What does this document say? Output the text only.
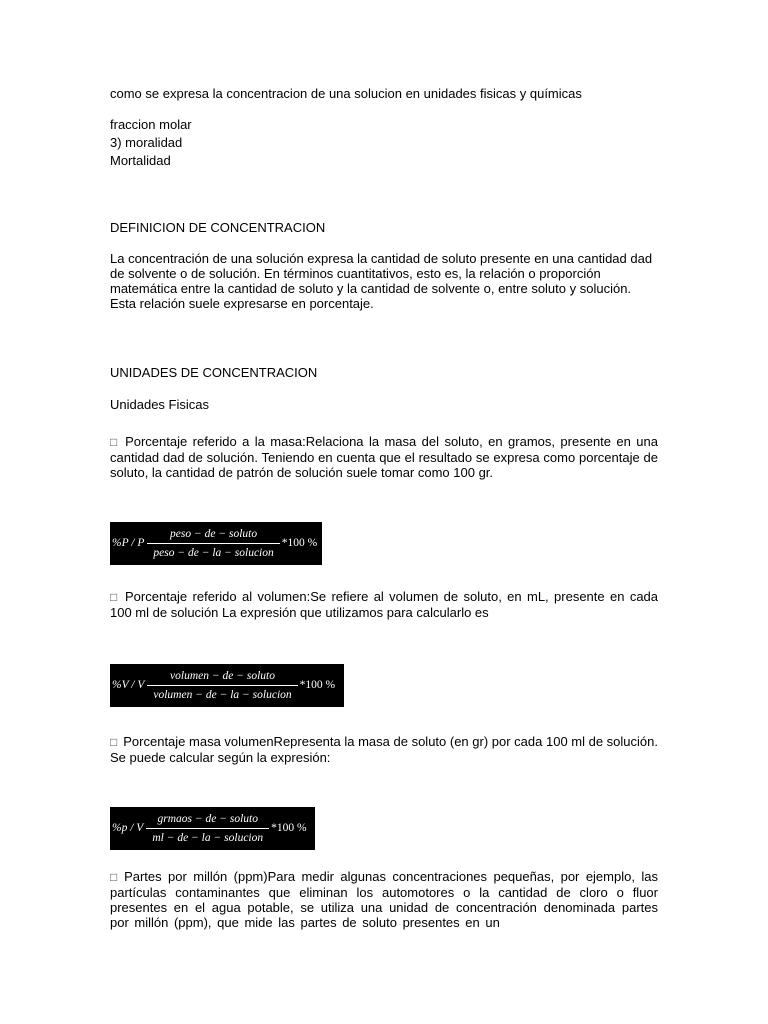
como se expresa la concentracion de una solucion en unidades fisicas y químicas

fraccion molar

3) moralidad

Mortalidad

DEFINICION DE CONCENTRACION

La concentración de una solución expresa la cantidad de soluto presente en una cantidad dad de solvente o de solución. En términos cuantitativos, esto es, la relación o proporción matemática entre la cantidad de soluto y la cantidad de solvente o, entre soluto y solución. Esta relación suele expresarse en porcentaje.

UNIDADES DE CONCENTRACION

Unidades Fisicas

□ Porcentaje referido a la masa:Relaciona la masa del soluto, en gramos, presente en una cantidad dad de solución. Teniendo en cuenta que el resultado se expresa como porcentaje de soluto, la cantidad de patrón de solución suele tomar como 100 gr.

%P / P $\frac{\text{peso − de − soluto}}{\text{peso − de − la − solucion}} *100$ %

□ Porcentaje referido al volumen:Se refiere al volumen de soluto, en mL, presente en cada 100 ml de solución La expresión que utilizamos para calcularlo es

%V / V $\frac{\text{volumen − de − soluto}}{\text{volumen − de − la − solucion}} *100$ %

□ Porcentaje masa volumenRepresenta la masa de soluto (en gr) por cada 100 ml de solución. Se puede calcular según la expresión:

%p / V $\frac{\text{grmaos − de − soluto}}{\text{ml − de − la − solucion}} *100$ %

□ Partes por millón (ppm)Para medir algunas concentraciones pequeñas, por ejemplo, las partículas contaminantes que eliminan los automotores o la cantidad de cloro o fluor presentes en el agua potable, se utiliza una unidad de concentración denominada partes por millón (ppm), que mide las partes de soluto presentes en un
